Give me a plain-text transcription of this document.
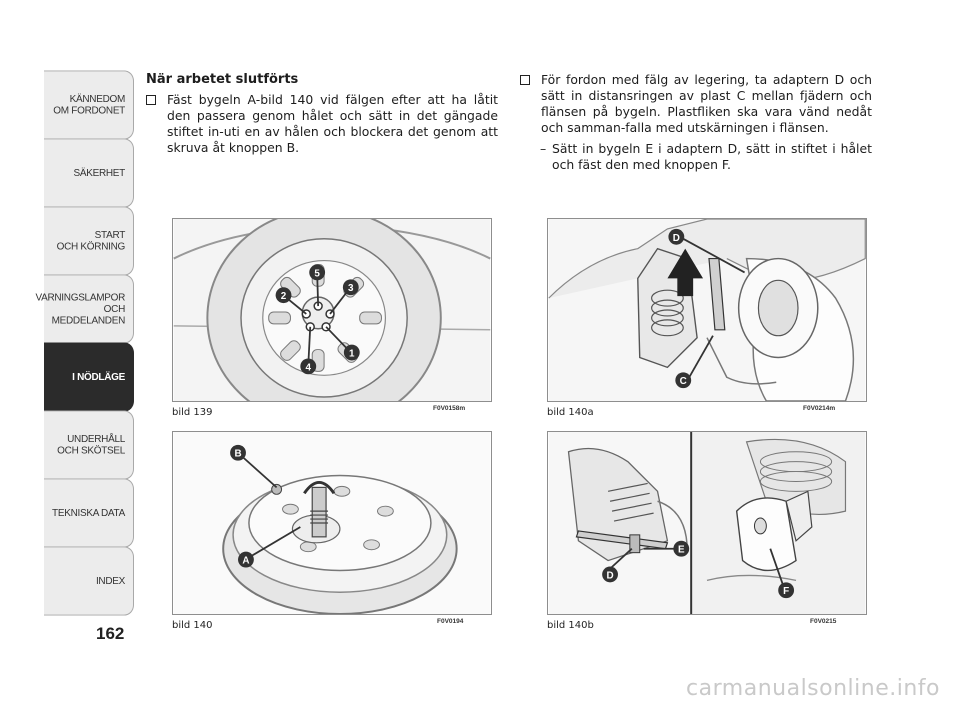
KÄNNEDOM
OM FORDONET
SÄKERHET
START
OCH KÖRNING
VARNINGSLAMPOR
OCH
MEDDELANDEN
I NÖDLÄGE
UNDERHÅLL
OCH SKÖTSEL
TEKNISKA DATA
INDEX
162
När arbetet slutförts
Fäst bygeln A-bild 140 vid fälgen efter att ha låtit den passera genom hålet och sätt in det gängade stiftet in-uti en av hålen och blockera det genom att skruva åt knoppen B.
För fordon med fälg av legering, ta adaptern D och sätt in distansringen av plast C mellan fjädern och flänsen på bygeln. Plastfliken ska vara vänd nedåt och samman-falla med utskärningen i flänsen.
– Sätt in bygeln E i adaptern D, sätt in stiftet i hålet och fäst den med knoppen F.
5
2
3
1
4
bild 139	F0V0158m
B
A
bild 140	F0V0194
D
C
bild 140a	F0V0214m
E
D
F
bild 140b	F0V0215
carmanualsonline.info
